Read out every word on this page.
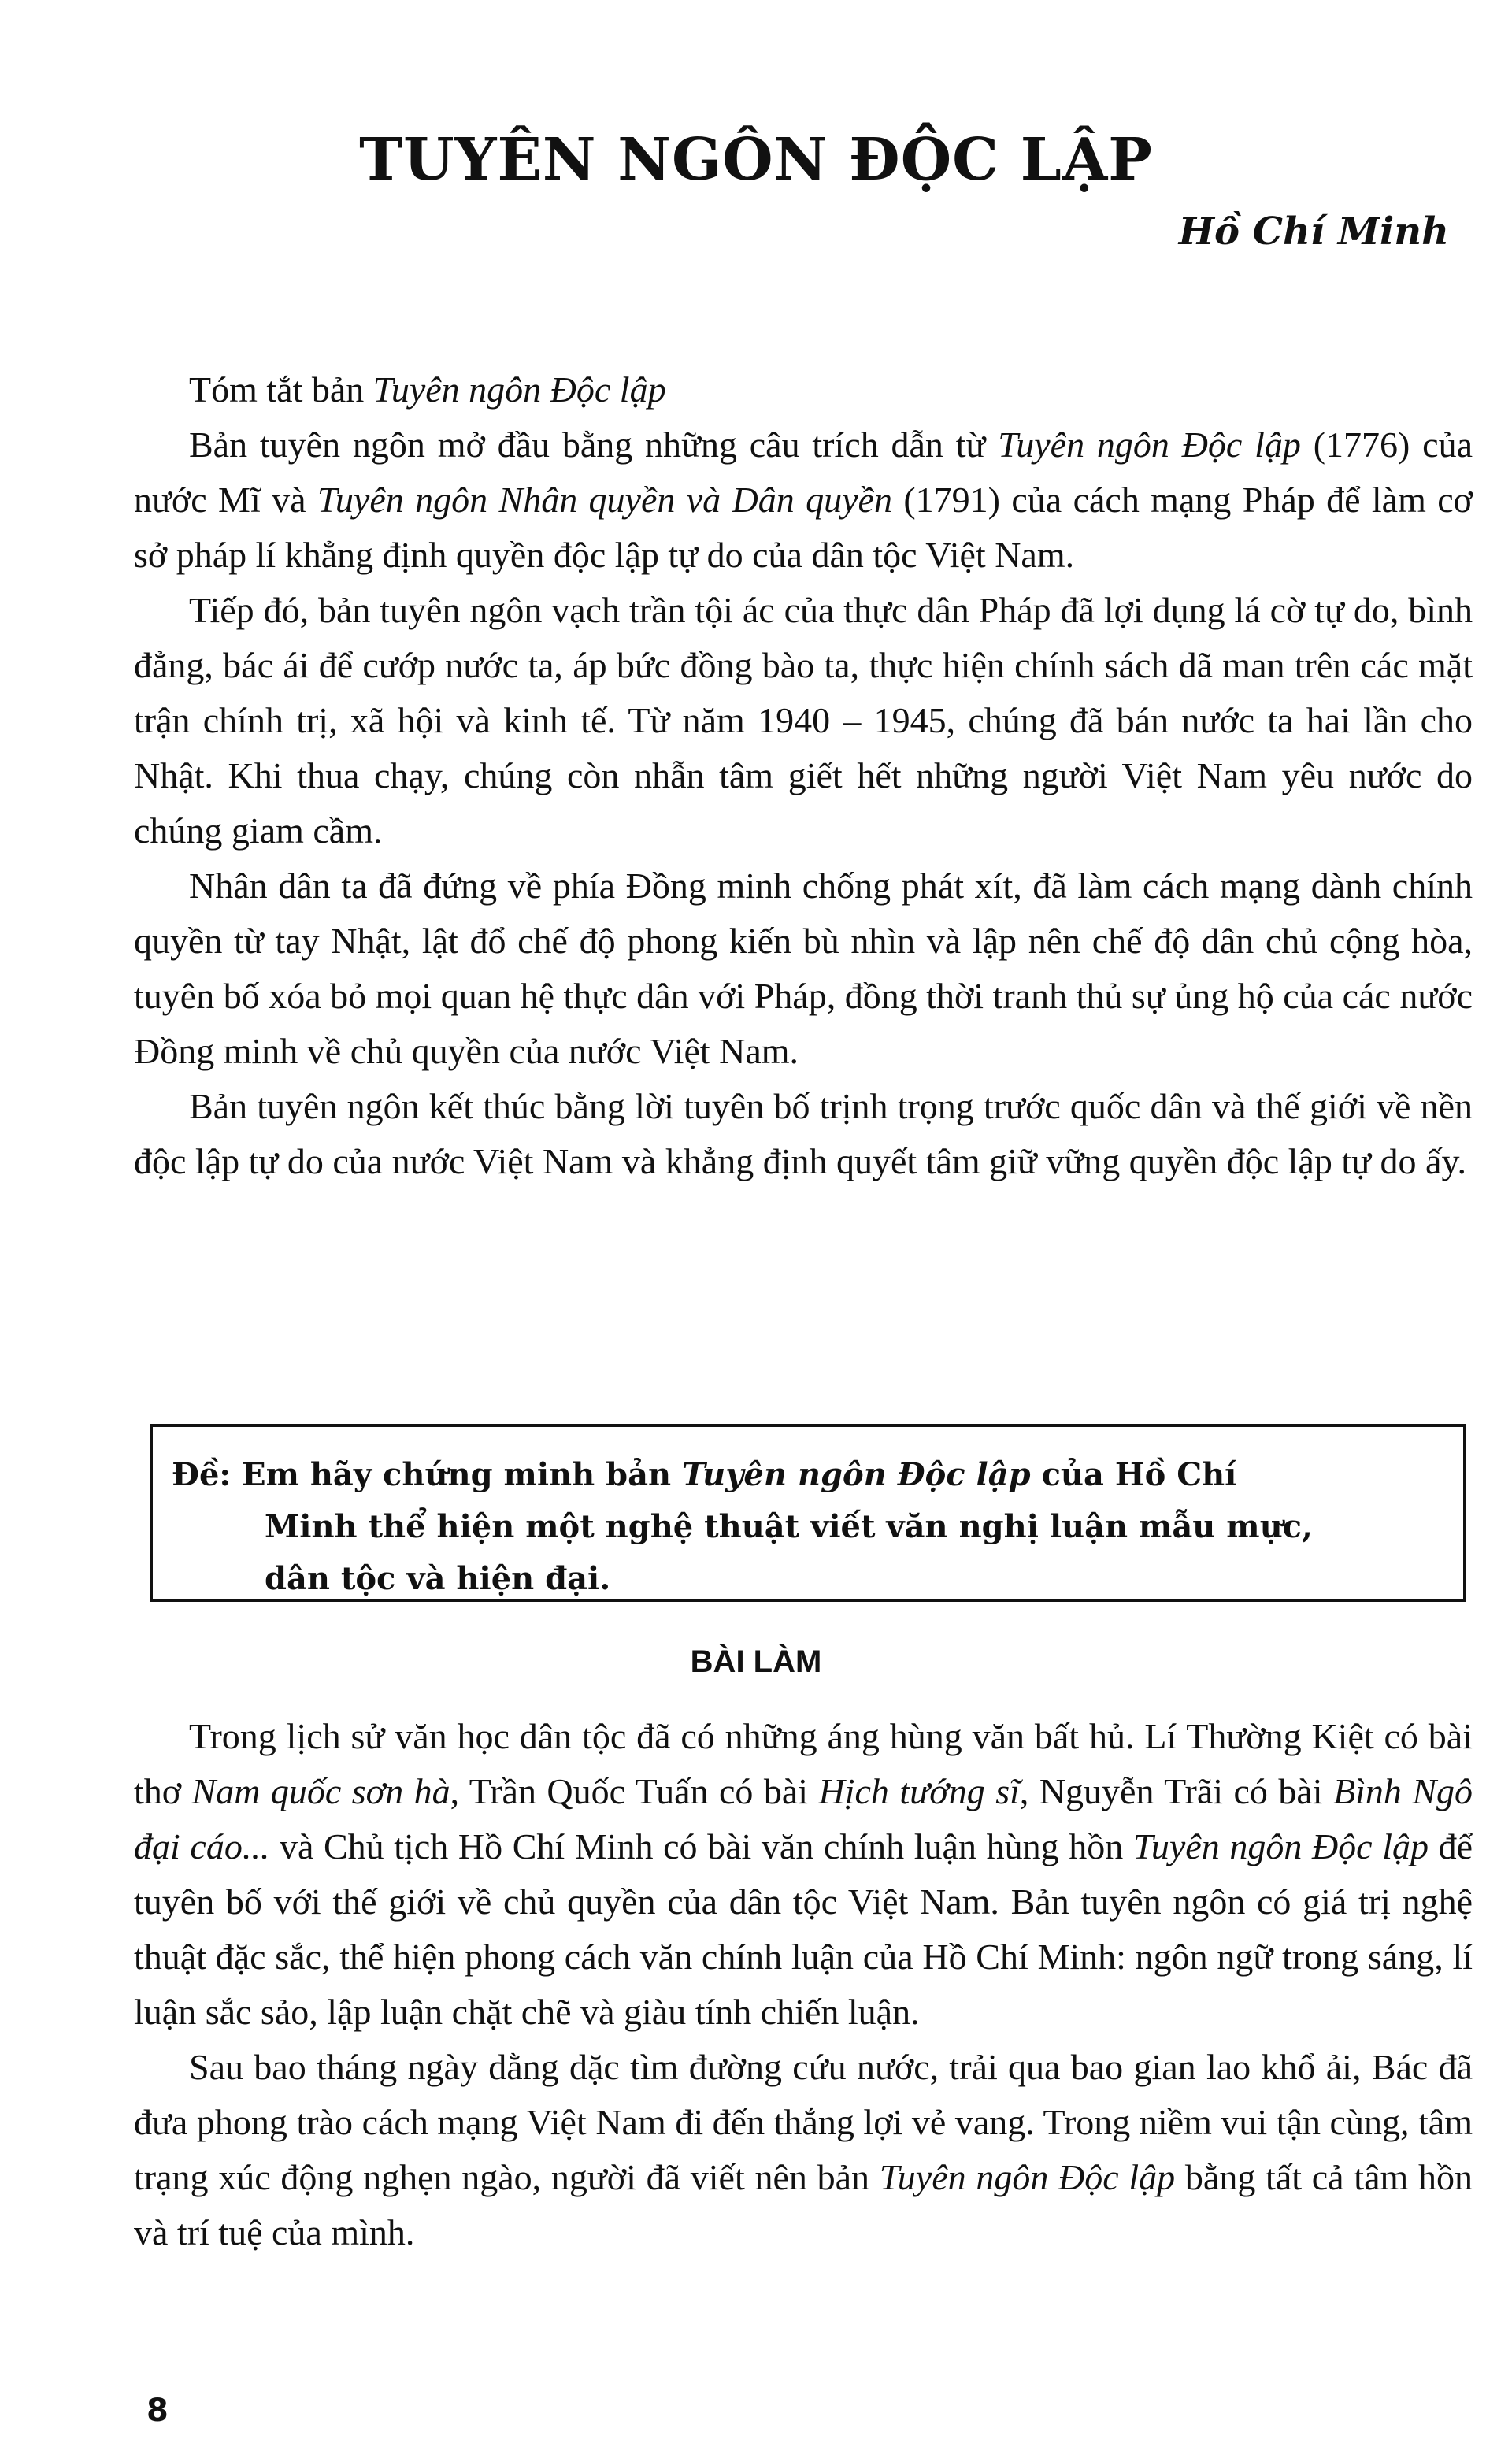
TUYÊN NGÔN ĐỘC LẬP
Hồ Chí Minh
Tóm tắt bản Tuyên ngôn Độc lập

Bản tuyên ngôn mở đầu bằng những câu trích dẫn từ Tuyên ngôn Độc lập (1776) của nước Mĩ và Tuyên ngôn Nhân quyền và Dân quyền (1791) của cách mạng Pháp để làm cơ sở pháp lí khẳng định quyền độc lập tự do của dân tộc Việt Nam.

Tiếp đó, bản tuyên ngôn vạch trần tội ác của thực dân Pháp đã lợi dụng lá cờ tự do, bình đẳng, bác ái để cướp nước ta, áp bức đồng bào ta, thực hiện chính sách dã man trên các mặt trận chính trị, xã hội và kinh tế. Từ năm 1940 – 1945, chúng đã bán nước ta hai lần cho Nhật. Khi thua chạy, chúng còn nhẫn tâm giết hết những người Việt Nam yêu nước do chúng giam cầm.

Nhân dân ta đã đứng về phía Đồng minh chống phát xít, đã làm cách mạng dành chính quyền từ tay Nhật, lật đổ chế độ phong kiến bù nhìn và lập nên chế độ dân chủ cộng hòa, tuyên bố xóa bỏ mọi quan hệ thực dân với Pháp, đồng thời tranh thủ sự ủng hộ của các nước Đồng minh về chủ quyền của nước Việt Nam.

Bản tuyên ngôn kết thúc bằng lời tuyên bố trịnh trọng trước quốc dân và thế giới về nền độc lập tự do của nước Việt Nam và khẳng định quyết tâm giữ vững quyền độc lập tự do ấy.

Đề: Em hãy chứng minh bản Tuyên ngôn Độc lập của Hồ Chí
Minh thể hiện một nghệ thuật viết văn nghị luận mẫu mực,
dân tộc và hiện đại.
BÀI LÀM

Trong lịch sử văn học dân tộc đã có những áng hùng văn bất hủ. Lí Thường Kiệt có bài thơ Nam quốc sơn hà, Trần Quốc Tuấn có bài Hịch tướng sĩ, Nguyễn Trãi có bài Bình Ngô đại cáo... và Chủ tịch Hồ Chí Minh có bài văn chính luận hùng hồn Tuyên ngôn Độc lập để tuyên bố với thế giới về chủ quyền của dân tộc Việt Nam. Bản tuyên ngôn có giá trị nghệ thuật đặc sắc, thể hiện phong cách văn chính luận của Hồ Chí Minh: ngôn ngữ trong sáng, lí luận sắc sảo, lập luận chặt chẽ và giàu tính chiến luận.

Sau bao tháng ngày dằng dặc tìm đường cứu nước, trải qua bao gian lao khổ ải, Bác đã đưa phong trào cách mạng Việt Nam đi đến thắng lợi vẻ vang. Trong niềm vui tận cùng, tâm trạng xúc động nghẹn ngào, người đã viết nên bản Tuyên ngôn Độc lập bằng tất cả tâm hồn và trí tuệ của mình.

8
